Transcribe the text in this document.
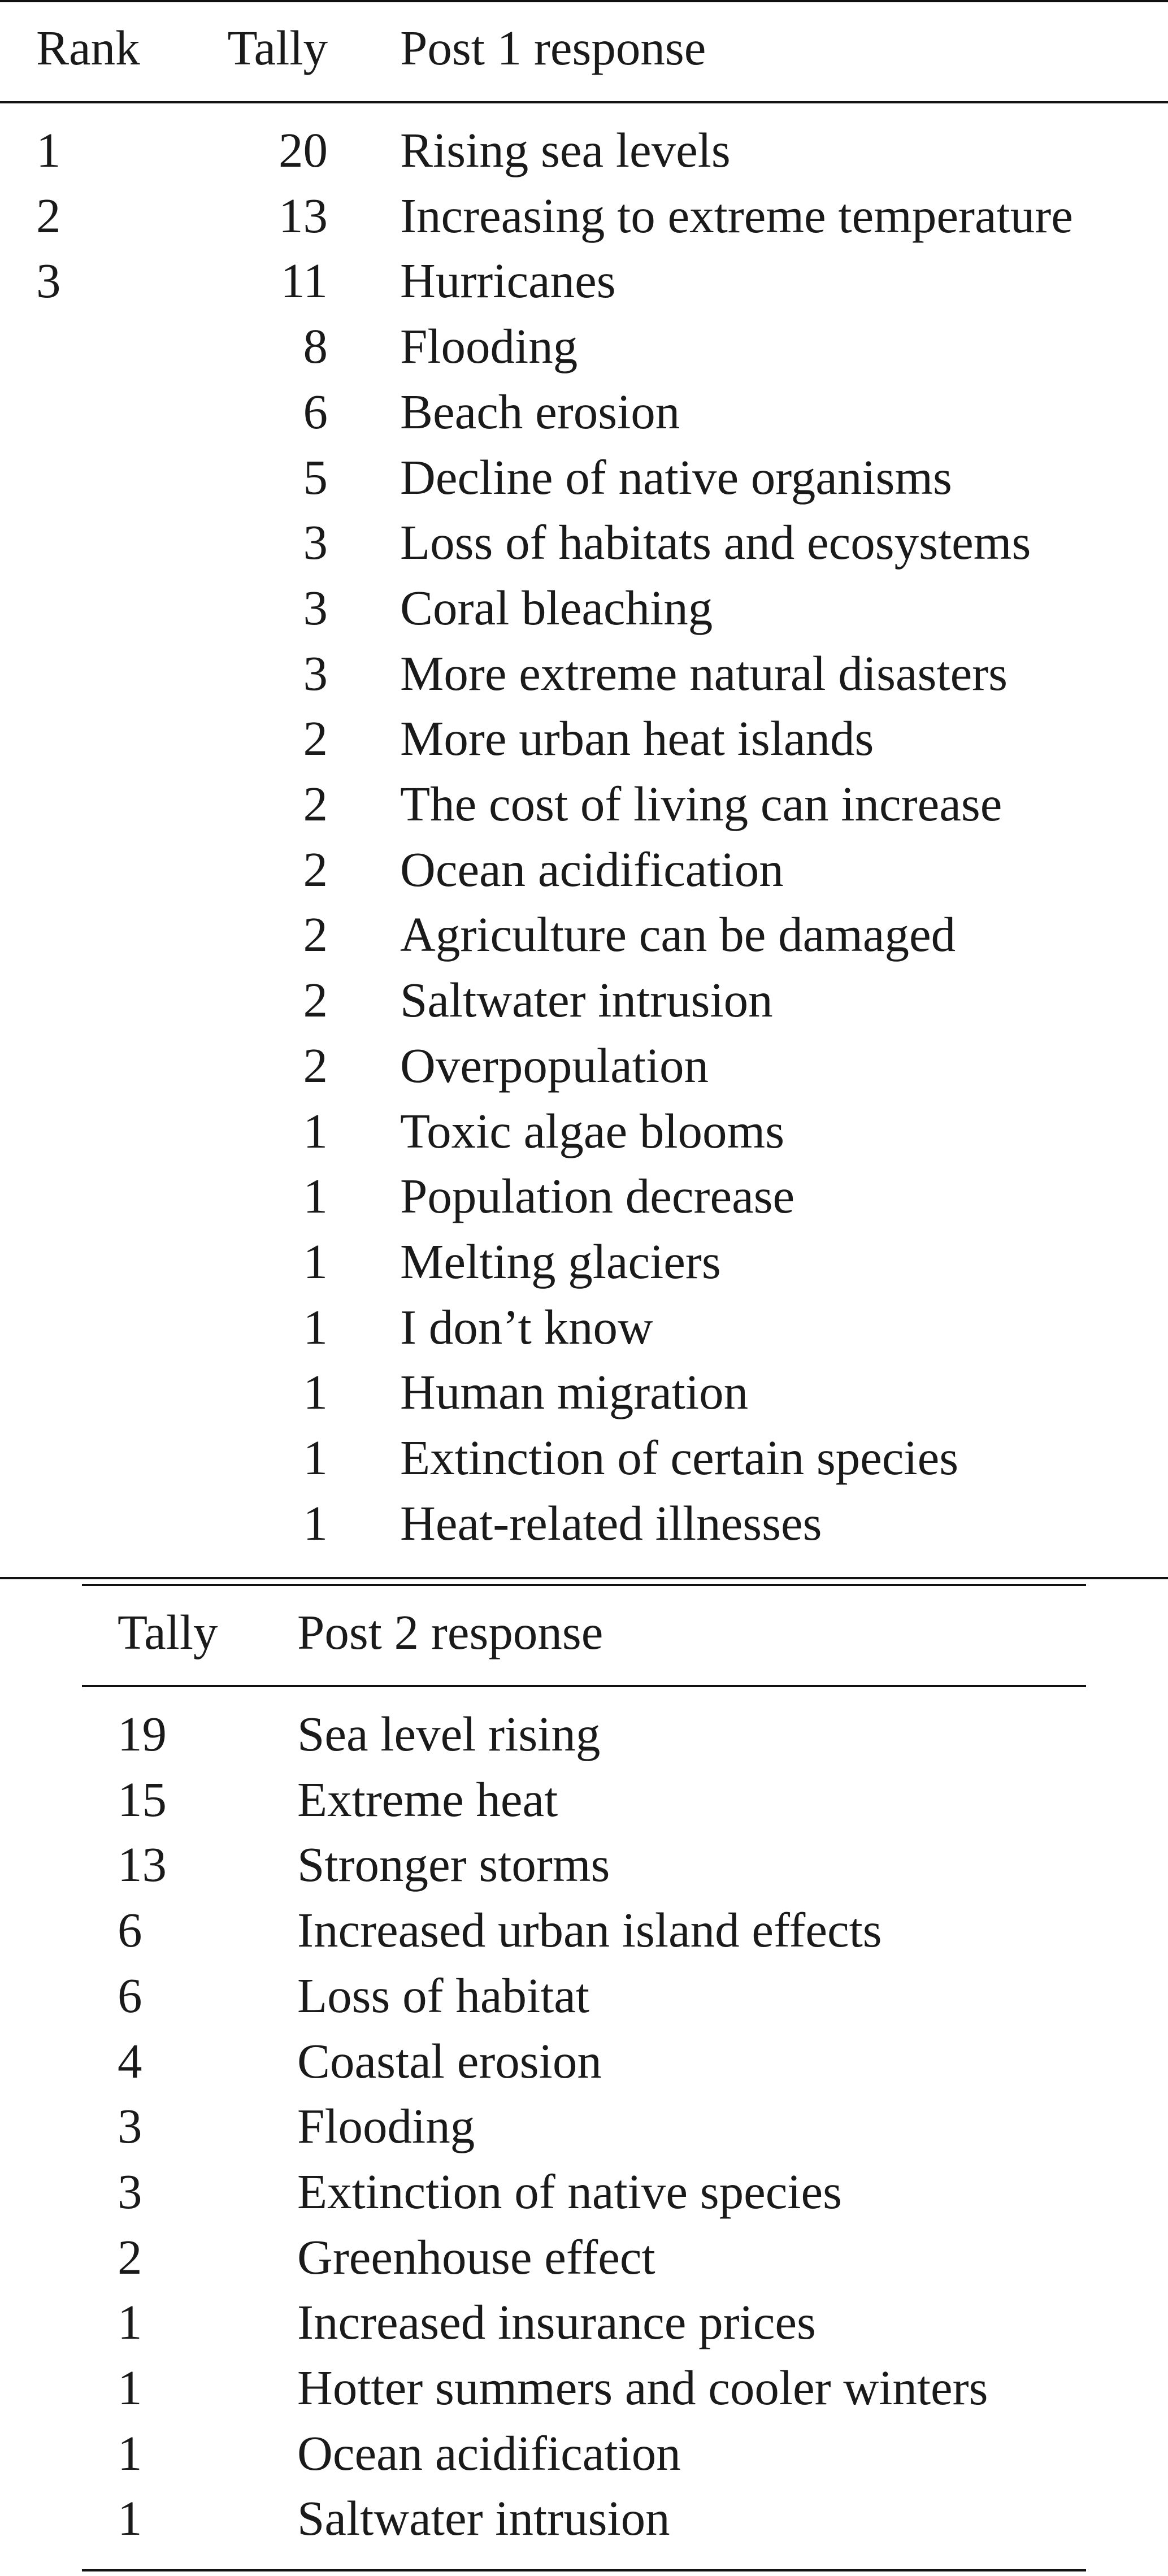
Rank Tally Post 1 response
1	20 Rising sea levels
2	13 Increasing to extreme temperature
3	11 Hurricanes
8 Flooding
6 Beach erosion
5 Decline of native organisms
3 Loss of habitats and ecosystems
3 Coral bleaching
3 More extreme natural disasters
2 More urban heat islands
2 The cost of living can increase
2 Ocean acidification
2 Agriculture can be damaged
2 Saltwater intrusion
2 Overpopulation
1 Toxic algae blooms
1 Population decrease
1 Melting glaciers
1 I don’t know
1 Human migration
1 Extinction of certain species
1 Heat-related illnesses
Tally Post 2 response
19	Sea level rising
15	Extreme heat
13	Stronger storms
6	Increased urban island effects
6	Loss of habitat
4	Coastal erosion
3	Flooding
3	Extinction of native species
2	Greenhouse effect
1	Increased insurance prices
1	Hotter summers and cooler winters
1	Ocean acidification
1	Saltwater intrusion
